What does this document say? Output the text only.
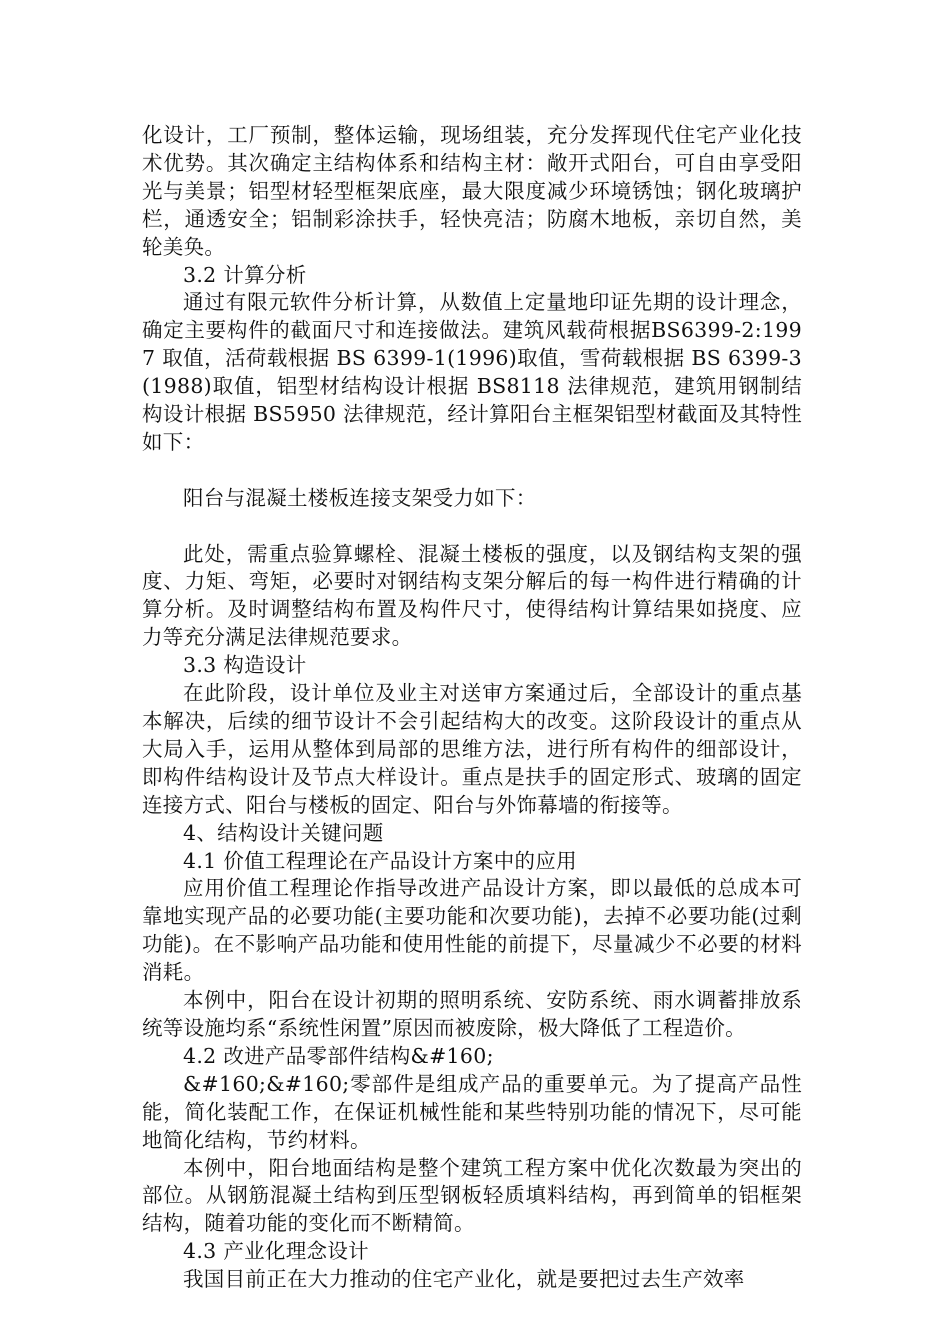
化设计，工厂预制，整体运输，现场组装，充分发挥现代住宅产业化技术优势。其次确定主结构体系和结构主材：敞开式阳台，可自由享受阳光与美景；铝型材轻型框架底座，最大限度减少环境锈蚀；钢化玻璃护栏，通透安全；铝制彩涂扶手，轻快亮洁；防腐木地板，亲切自然，美轮美奂。

3.2 计算分析

通过有限元软件分析计算，从数值上定量地印证先期的设计理念，确定主要构件的截面尺寸和连接做法。建筑风载荷根据BS6399-2:1997 取值，活荷载根据 BS 6399-1(1996)取值，雪荷载根据 BS 6399-3(1988)取值，铝型材结构设计根据 BS8118 法律规范，建筑用钢制结构设计根据 BS5950 法律规范，经计算阳台主框架铝型材截面及其特性如下：

阳台与混凝土楼板连接支架受力如下：

此处，需重点验算螺栓、混凝土楼板的强度，以及钢结构支架的强度、力矩、弯矩，必要时对钢结构支架分解后的每一构件进行精确的计算分析。及时调整结构布置及构件尺寸，使得结构计算结果如挠度、应力等充分满足法律规范要求。

3.3 构造设计

在此阶段，设计单位及业主对送审方案通过后，全部设计的重点基本解决，后续的细节设计不会引起结构大的改变。这阶段设计的重点从大局入手，运用从整体到局部的思维方法，进行所有构件的细部设计，即构件结构设计及节点大样设计。重点是扶手的固定形式、玻璃的固定连接方式、阳台与楼板的固定、阳台与外饰幕墙的衔接等。

4、结构设计关键问题

4.1 价值工程理论在产品设计方案中的应用

应用价值工程理论作指导改进产品设计方案，即以最低的总成本可靠地实现产品的必要功能(主要功能和次要功能)，去掉不必要功能(过剩功能)。在不影响产品功能和使用性能的前提下，尽量减少不必要的材料消耗。

本例中，阳台在设计初期的照明系统、安防系统、雨水调蓄排放系统等设施均系“系统性闲置”原因而被废除，极大降低了工程造价。

4.2 改进产品零部件结构&#160;

&#160;&#160;零部件是组成产品的重要单元。为了提高产品性能，简化装配工作，在保证机械性能和某些特别功能的情况下，尽可能地简化结构，节约材料。

本例中，阳台地面结构是整个建筑工程方案中优化次数最为突出的部位。从钢筋混凝土结构到压型钢板轻质填料结构，再到简单的铝框架结构，随着功能的变化而不断精简。

4.3 产业化理念设计

我国目前正在大力推动的住宅产业化，就是要把过去生产效率
